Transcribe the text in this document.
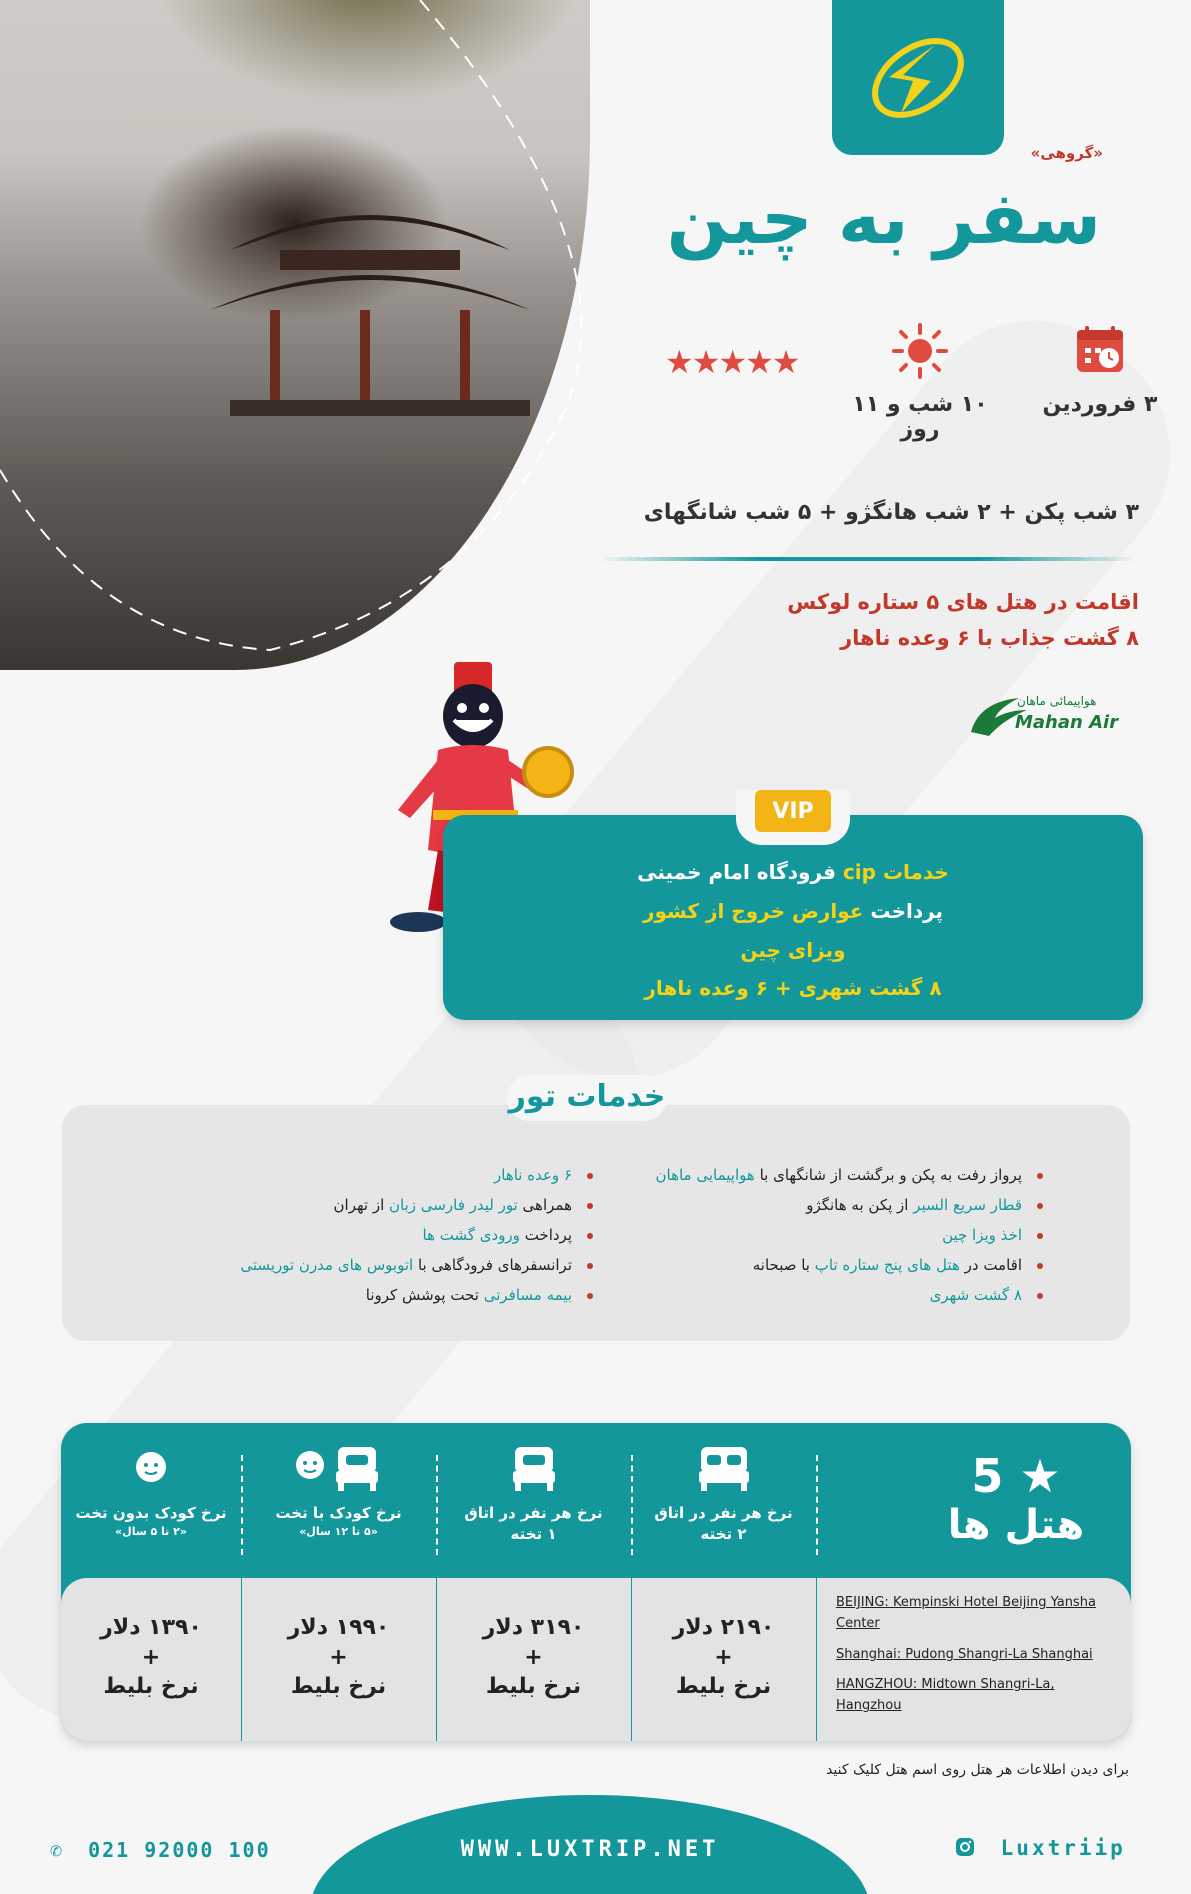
«گروهی»
سفر به چین
۳ فروردین
۱۰ شب و ۱۱ روز
★★★★★
۳ شب پکن + ۲ شب هانگژو + ۵ شب شانگهای
اقامت در هتل های ۵ ستاره لوکس
۸ گشت جذاب با ۶ وعده ناهار
هواپیمائی ماهان
Mahan Air
VIP
خدمات cip فرودگاه امام خمینی
پرداخت عوارض خروج از کشور
ویزای چین
۸ گشت شهری + ۶ وعده ناهار
خدمات تور
پرواز رفت به پکن و برگشت از شانگهای با هواپیمایی ماهان
قطار سریع السیر از پکن به هانگژو
اخذ ویزا چین
اقامت در هتل های پنج ستاره تاپ با صبحانه
۸ گشت شهری
۶ وعده ناهار
همراهی تور لیدر فارسی زبان از تهران
پرداخت ورودی گشت ها
ترانسفرهای فرودگاهی با اتوبوس های مدرن توریستی
بیمه مسافرتی تحت پوشش کرونا
5 ★
هتل ها
نرخ هر نفر در اتاق
۲ تخته
نرخ هر نفر در اتاق
۱ تخته
نرخ کودک با تخت
«۵ تا ۱۲ سال»
نرخ کودک بدون تخت
«۲ تا ۵ سال»
۲۱۹۰ دلار
+
نرخ بلیط
۳۱۹۰ دلار
+
نرخ بلیط
۱۹۹۰ دلار
+
نرخ بلیط
۱۳۹۰ دلار
+
نرخ بلیط
BEIJING: Kempinski Hotel Beijing Yansha Center
Shanghai: Pudong Shangri-La Shanghai
HANGZHOU: Midtown Shangri-La, Hangzhou
برای دیدن اطلاعات هر هتل روی اسم هتل کلیک کنید
WWW.LUXTRIP.NET
✆ 021 92000 100	Luxtriip
